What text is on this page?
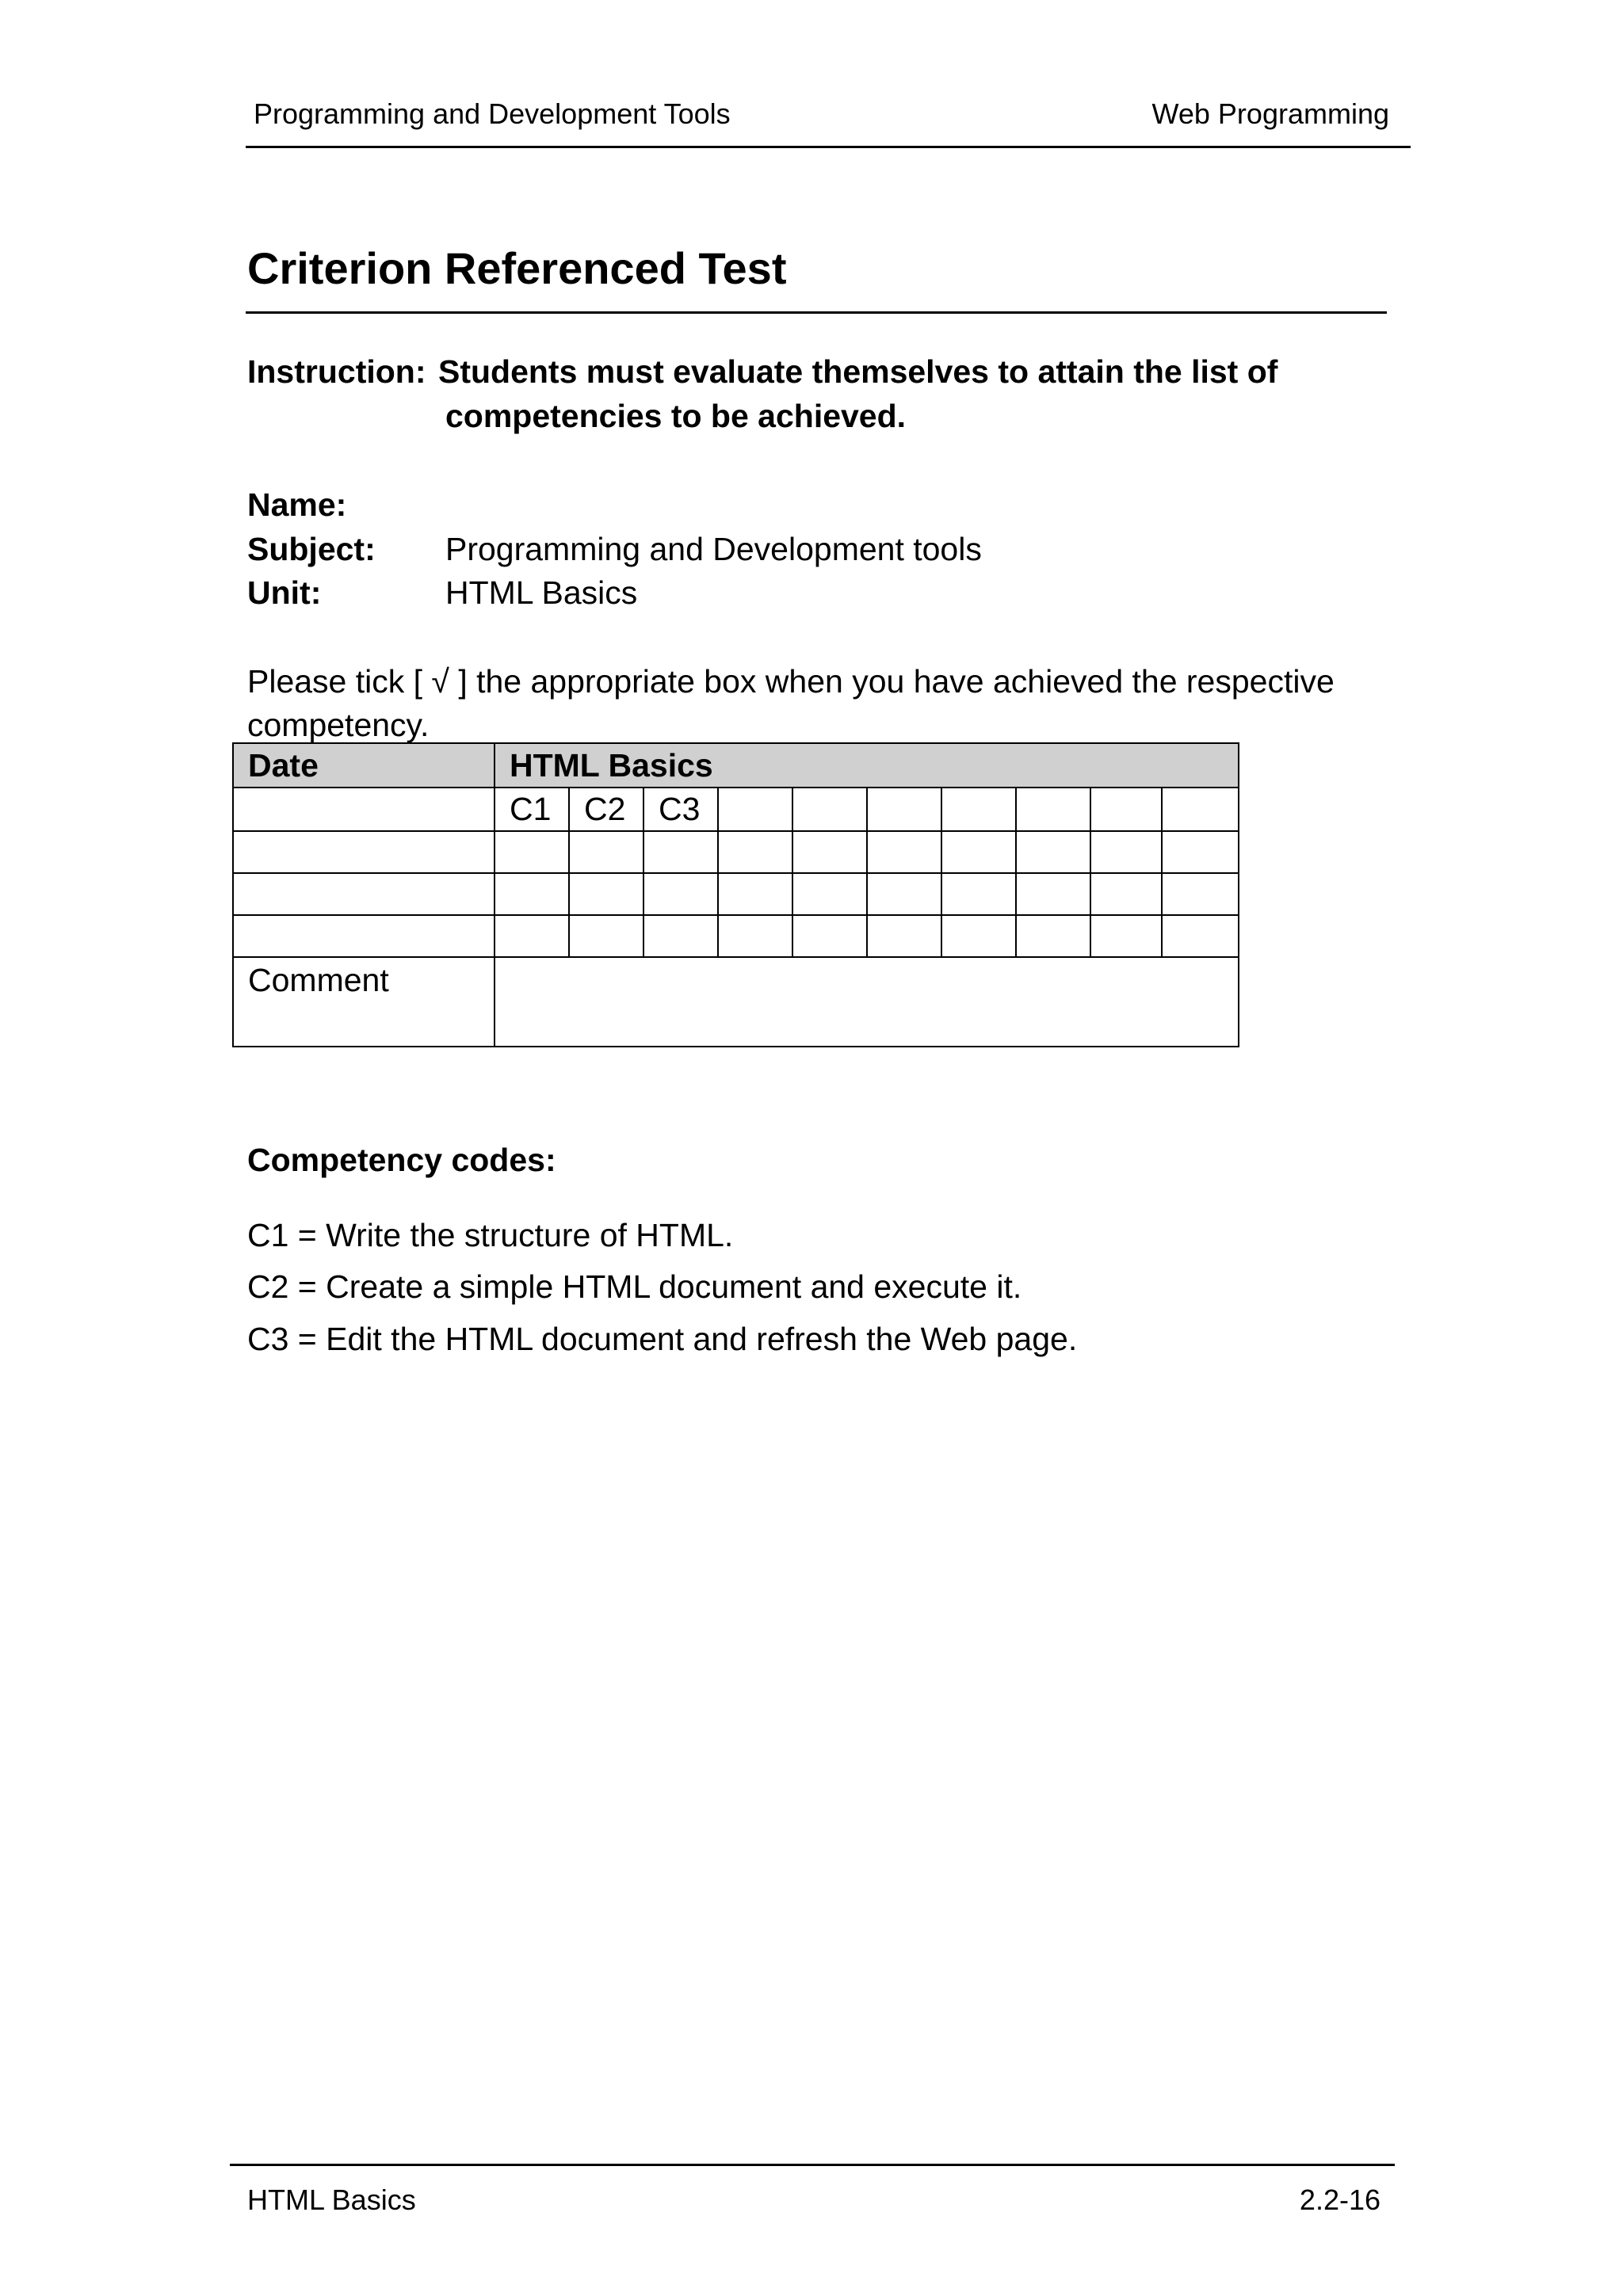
Programming and Development Tools	Web Programming
Criterion Referenced Test
Instruction: Students must evaluate themselves to attain the list of
competencies to be achieved.
Name:
Subject: Programming and Development tools
Unit:	HTML Basics
Please tick [ √ ] the appropriate box when you have achieved the respective
competency.
Date	HTML Basics									
	C1	C2	C3							

Comment										
Competency codes:
C1 = Write the structure of HTML.
C2 = Create a simple HTML document and execute it.
C3 = Edit the HTML document and refresh the Web page.
HTML Basics	2.2-16
